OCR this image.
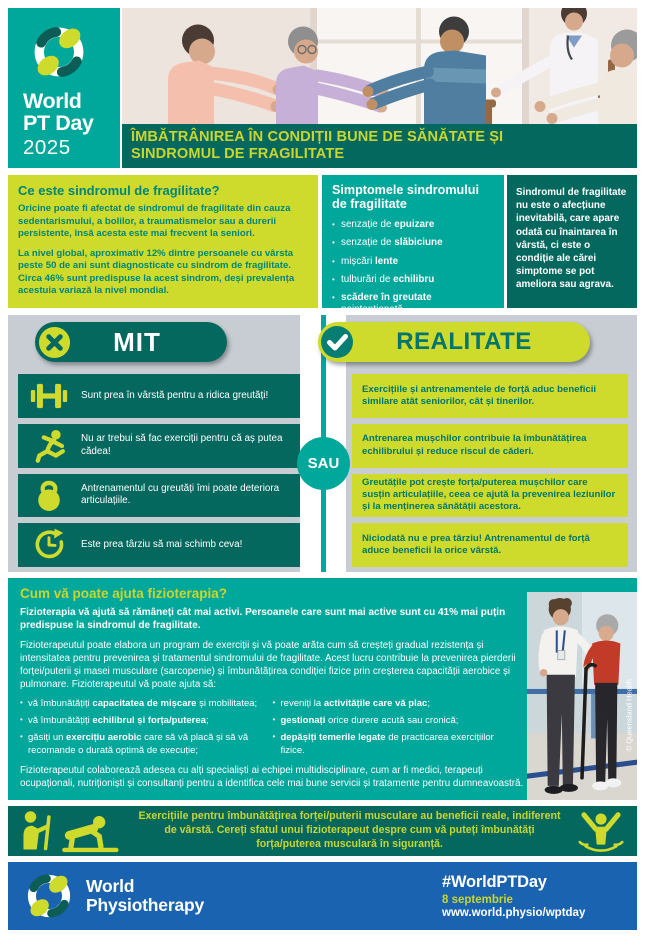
World
PT Day
2025	ÎMBĂTRÂNIREA ÎN CONDIȚII BUNE DE SĂNĂTATE ȘI
SINDROMUL DE FRAGILITATE
Ce este sindromul de fragilitate?

Oricine poate fi afectat de sindromul de fragilitate din cauza sedentarismului, a bolilor, a traumatismelor sau a durerii persistente, însă acesta este mai frecvent la seniori.

La nivel global, aproximativ 12% dintre persoanele cu vârsta peste 50 de ani sunt diagnosticate cu sindrom de fragilitate. Circa 46% sunt predispuse la acest sindrom, deși prevalența acestuia variază la nivel mondial.

Simptomele sindromului de fragilitate
•

senzație de epuizare

•

senzație de slăbiciune

•

mișcări lente

•

tulburări de echilibru

•

scădere în greutate neintenționată

Sindromul de fragilitate nu este o afecțiune inevitabilă, care apare odată cu înaintarea în vârstă, ci este o condiție ale cărei simptome se pot ameliora sau agrava.
MIT	REALITATE

Sunt prea în vârstă pentru a ridica greutăți!

Nu ar trebui să fac exerciții pentru că aș putea cădea!

Antrenamentul cu greutăți îmi poate deteriora articulațiile.

Este prea târziu să mai schimb ceva!

SAU

Exercițiile și antrenamentele de forță aduc beneficii similare atât seniorilor, cât și tinerilor.

Antrenarea mușchilor contribuie la îmbunătățirea echilibrului și reduce riscul de căderi.

Greutățile pot crește forța/puterea mușchilor care susțin articulațiile, ceea ce ajută la prevenirea leziunilor și la menținerea sănătății acestora.

Niciodată nu e prea târziu! Antrenamentul de forță aduce beneficii la orice vârstă.

Cum vă poate ajuta fizioterapia?

Fizioterapia vă ajută să rămâneți cât mai activi. Persoanele care sunt mai active sunt cu 41% mai puțin predispuse la sindromul de fragilitate.

Fizioterapeutul poate elabora un program de exerciții și vă poate arăta cum să creșteți gradual rezistența și intensitatea pentru prevenirea și tratamentul sindromului de fragilitate. Acest lucru contribuie la prevenirea pierderii forței/puterii și masei musculare (sarcopenie) și îmbunătățirea condiției fizice prin creșterea capacității aerobice și pulmonare. Fizioterapeutul vă poate ajuta să:

•

vă îmbunătățiți capacitatea de mișcare și mobilitatea;

•

vă îmbunătățiți echilibrul și forța/puterea;

•

găsiți un exercițiu aerobic care să vă placă și să vă recomande o durată optimă de execuție;

•

reveniți la activitățile care vă plac;

•

gestionați orice durere acută sau cronică;

•

depășiți temerile legate de practicarea exercițiilor fizice.

Fizioterapeutul colaborează adesea cu alți specialiști ai echipei multidisciplinare, cum ar fi medici, terapeuți ocupaționali, nutriționiști și consultanți pentru a identifica cele mai bune servicii și tratamente pentru dumneavoastră.

© Queensland Health
Exercițiile pentru îmbunătățirea forței/puterii musculare au beneficii reale, indiferent de vârstă. Cereți sfatul unui fizioterapeut despre cum vă puteți îmbunătăți forța/puterea musculară în siguranță.
World
Physiotherapy
#WorldPTDay
8 septembrie
www.world.physio/wptday
